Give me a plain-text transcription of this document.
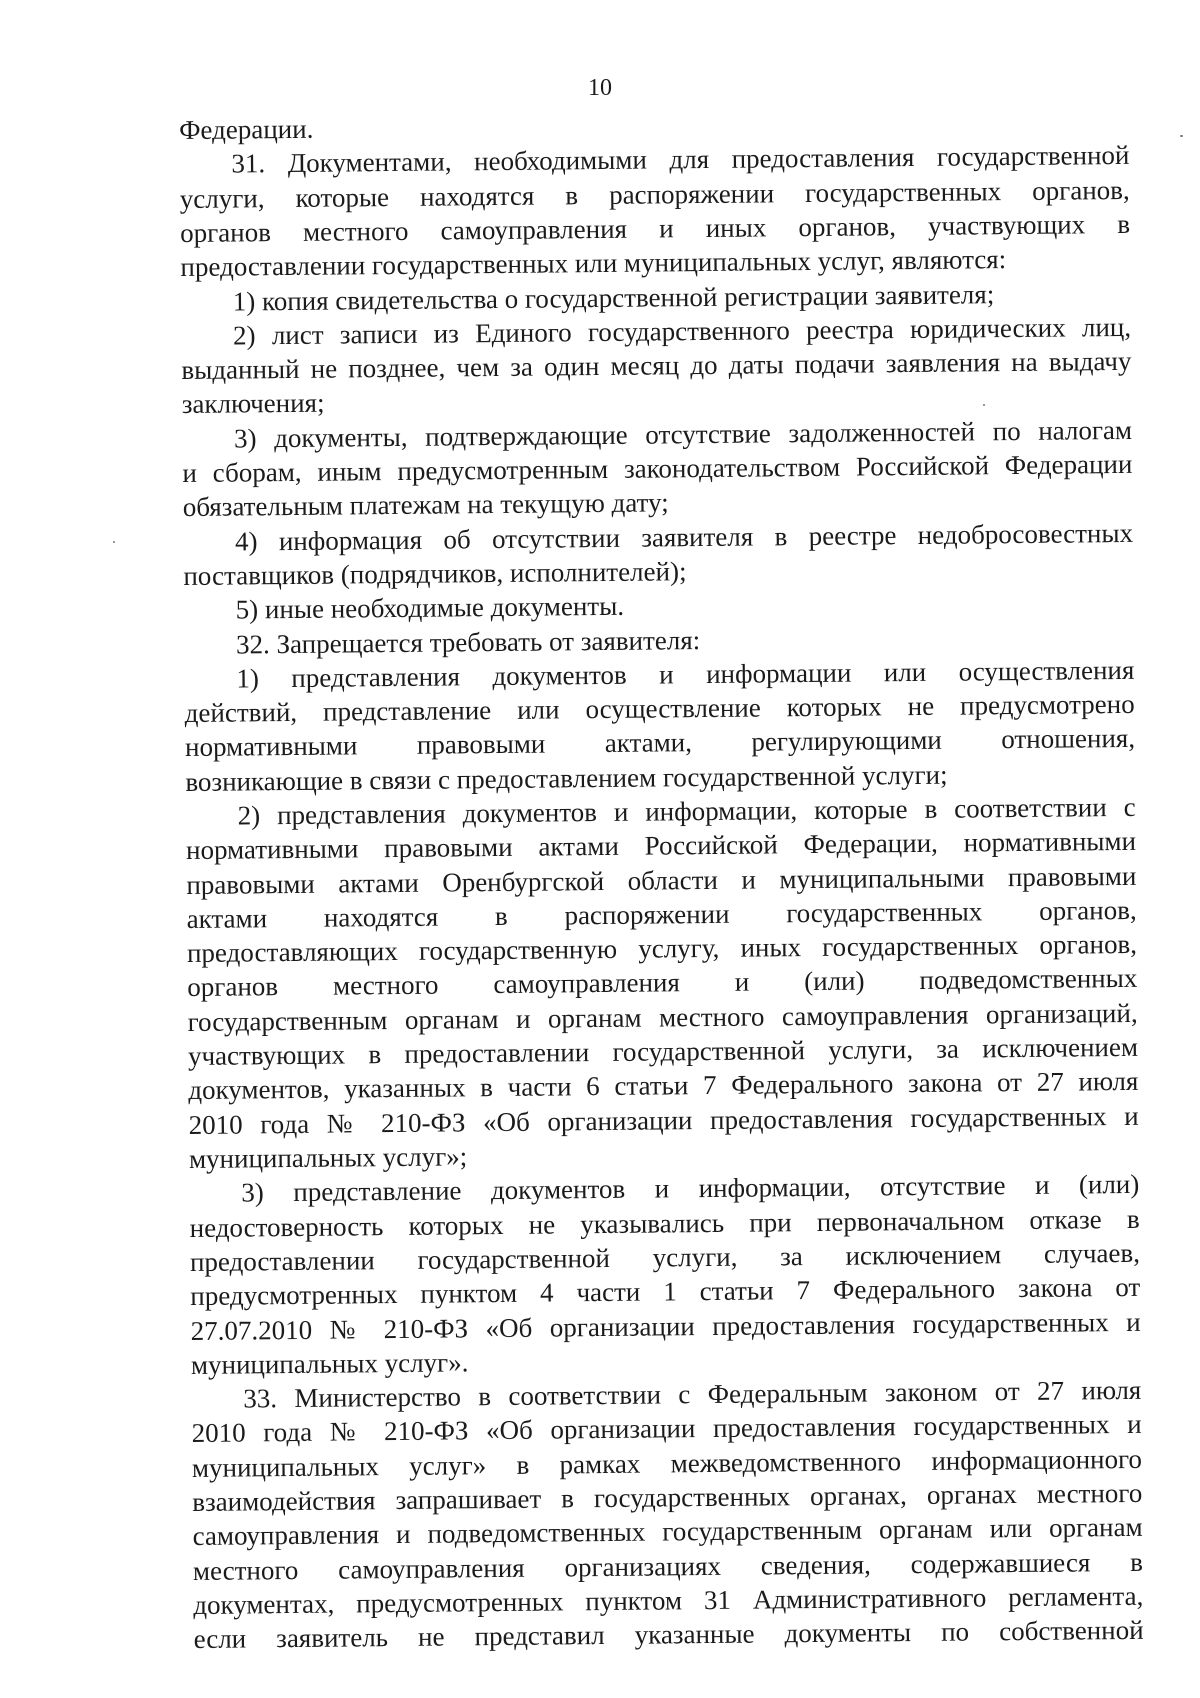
10
Федерации.
31. Документами, необходимыми для предоставления государственной
услуги, которые находятся в распоряжении государственных органов,
органов местного самоуправления и иных органов, участвующих в
предоставлении государственных или муниципальных услуг, являются:
1) копия свидетельства о государственной регистрации заявителя;
2) лист записи из Единого государственного реестра юридических лиц,
выданный не позднее, чем за один месяц до даты подачи заявления на выдачу
заключения;
3) документы, подтверждающие отсутствие задолженностей по налогам
и сборам, иным предусмотренным законодательством Российской Федерации
обязательным платежам на текущую дату;
4) информация об отсутствии заявителя в реестре недобросовестных
поставщиков (подрядчиков, исполнителей);
5) иные необходимые документы.
32. Запрещается требовать от заявителя:
1) представления документов и информации или осуществления
действий, представление или осуществление которых не предусмотрено
нормативными правовыми актами, регулирующими отношения,
возникающие в связи с предоставлением государственной услуги;
2) представления документов и информации, которые в соответствии с
нормативными правовыми актами Российской Федерации, нормативными
правовыми актами Оренбургской области и муниципальными правовыми
актами находятся в распоряжении государственных органов,
предоставляющих государственную услугу, иных государственных органов,
органов местного самоуправления и (или) подведомственных
государственным органам и органам местного самоуправления организаций,
участвующих в предоставлении государственной услуги, за исключением
документов, указанных в части 6 статьи 7 Федерального закона от 27 июля
2010 года № 210-ФЗ «Об организации предоставления государственных и
муниципальных услуг»;
3) представление документов и информации, отсутствие и (или)
недостоверность которых не указывались при первоначальном отказе в
предоставлении государственной услуги, за исключением случаев,
предусмотренных пунктом 4 части 1 статьи 7 Федерального закона от
27.07.2010 № 210-ФЗ «Об организации предоставления государственных и
муниципальных услуг».
33. Министерство в соответствии с Федеральным законом от 27 июля
2010 года № 210-ФЗ «Об организации предоставления государственных и
муниципальных услуг» в рамках межведомственного информационного
взаимодействия запрашивает в государственных органах, органах местного
самоуправления и подведомственных государственным органам или органам
местного самоуправления организациях сведения, содержавшиеся в
документах, предусмотренных пунктом 31 Административного регламента,
если заявитель не представил указанные документы по собственной
